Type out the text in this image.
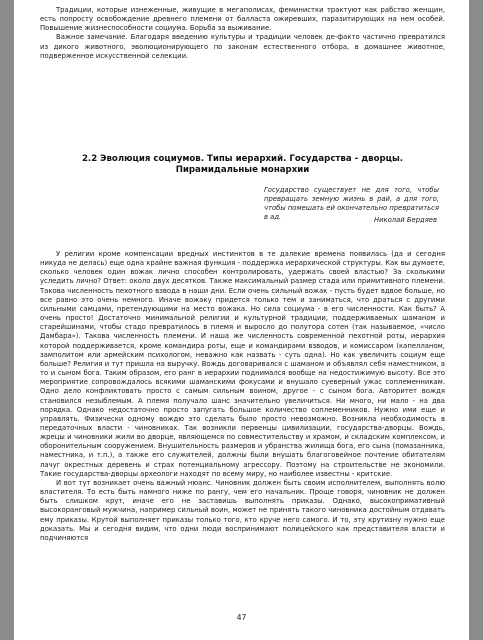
Традиции, которые изнеженные, живущие в мегаполисах, феминистки трактуют как рабство женщин, есть попросту освобождение древнего племени от балласта ожиревших, паразитирующих на нем особей. Повышение жизнеспособности социума. Борьба за выживание.

Важное замечание. Благодаря введению культуры и традиции человек де-факто частично превратился из дикого животного, эволюционирующего по законам естественного отбора, в домашнее животное, подверженное искусственной селекции.

2.2 Эволюция социумов. Типы иерархий. Государства - дворцы. Пирамидальные монархии
Государство существует не для того, чтобы превращать земную жизнь в рай, а для того, чтобы помешать ей окончательно превратиться в ад.	Николай Бердяев

У религии кроме компенсации вредных инстинктов в те далекие времена появилась (да и сегодня никуда не делась) еще одна крайне важная функция - поддержка иерархической структуры. Как вы думаете, сколько человек один вожак лично способен контролировать, удержать своей властью? За сколькими уследить лично? Ответ: около двух десятков. Также максимальный размер стада или примитивного племени. Такова численность пехотного взвода в наши дни. Если очень сильный вожак - пусть будет вдвое больше, но все равно это очень немного. Иначе вожаку придется только тем и заниматься, что драться с другими сильными самцами, претендующими на место вожака. Но сила социума - в его численности. Как быть? А очень просто! Достаточно минимальной религии и культурной традиции, поддерживаемых шаманом и старейшинами, чтобы стадо превратилось в племя и выросло до полутора сотен (так называемое, «число Дамбара»). Такова численность племени. И наша же численность современной пехотной роты, иерархия которой поддерживается, кроме командира роты, еще и командирами взводов, и комиссаром (капелланом, замполитом или армейским психологом, неважно как назвать - суть одна). Но как увеличить социум еще больше? Религия и тут пришла на выручку. Вождь договаривался с шаманом и объявлял себя наместником, а то и сыном бога. Таким образом, его ранг в иерархии поднимался вообще на недостижимую высоту. Все это мероприятие сопровождалось всякими шаманскими фокусами и внушало суеверный ужас соплеменникам. Одно дело конфликтовать просто с самым сильным воином, другое - с сыном бога. Авторитет вождя становился незыблемым. А племя получало шанс значительно увеличиться. Ни много, ни мало - на два порядка. Однако недостаточно просто запугать большое количество соплеменников. Нужно ими еще и управлять. Физически одному вождю это сделать было просто невозможно. Возникла необходимость в передаточных власти - чиновниках. Так возникли первенцы цивилизации, государства-дворцы. Вождь, жрецы и чиновники жили во дворце, являющемся по совместительству и храмом, и складским комплексом, и оборонительным сооружением. Внушительность размеров и убранства жилища бога, его сына (помазанника, наместника, и т.п.), а также его служителей, должны были внушать благоговейное почтение обитателям лачуг окрестных деревень и страх потенциальному агрессору. Поэтому на строительстве не экономили. Такие государства-дворцы археологи находят по всему миру, но наиболее известны - критские.

И вот тут возникает очень важный нюанс. Чиновник должен быть своим исполнителем, выполнять волю властителя. То есть быть намного ниже по рангу, чем его начальник. Проще говоря, чиновник не должен быть слишком крут, иначе его не заставишь выполнять приказы. Однако, высокопримативный высокоранговый мужчина, например сильный воин, может не принять такого чиновника достойным отдавать ему приказы. Крутой выполняет приказы только того, кто круче него самого. И то, эту крутизну нужно еще доказать. Мы и сегодня видим, что одни люди воспринимают полицейского как представителя власти и подчиняются

47
